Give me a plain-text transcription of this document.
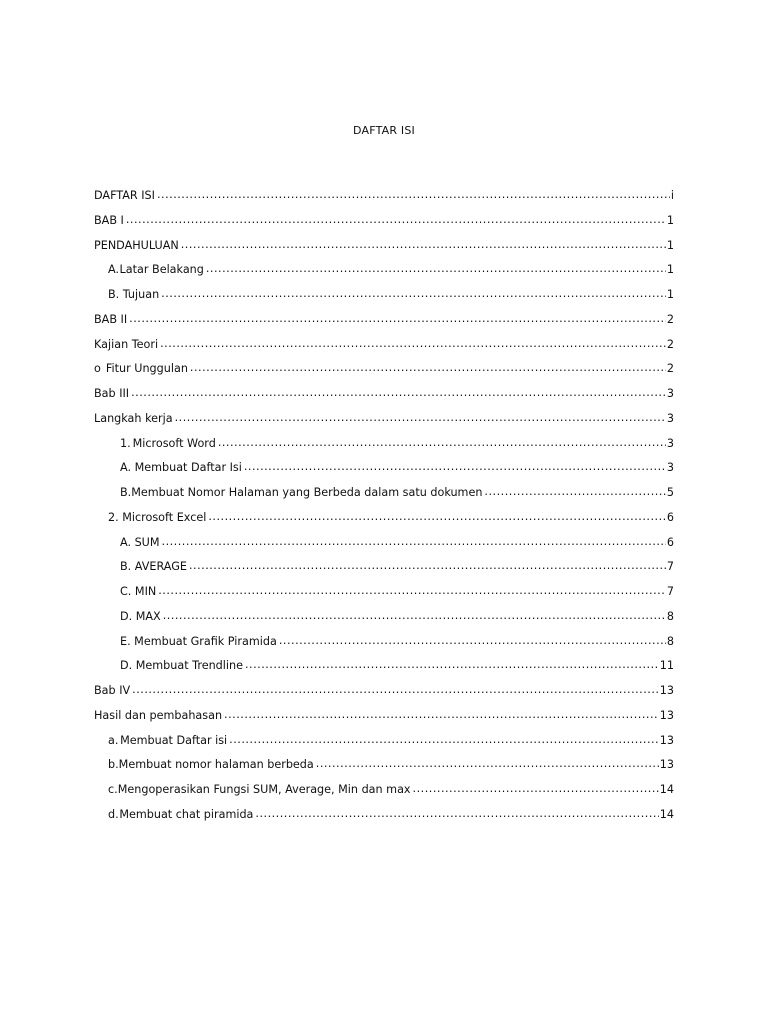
DAFTAR ISI
DAFTAR ISI .....	i
BAB I .....	1
PENDAHULUAN .....	1
A. Latar Belakang .....	1
B. Tujuan .....	1
BAB II .....	2
Kajian Teori .....	2
o Fitur Unggulan .....	2
Bab III .....	3
Langkah kerja .....	3
1. Microsoft Word .....	3
A. Membuat Daftar Isi .....	3
B. Membuat Nomor Halaman yang Berbeda dalam satu dokumen .....	5
2. Microsoft Excel .....	6
A. SUM .....	6
B. AVERAGE .....	7
C. MIN .....	7
D. MAX .....	8
E. Membuat Grafik Piramida .....	8
D. Membuat Trendline .....	11
Bab IV .....	13
Hasil dan pembahasan .....	13
a. Membuat Daftar isi .....	13
b. Membuat nomor halaman berbeda .....	13
c. Mengoperasikan Fungsi SUM, Average, Min dan max .....	14
d. Membuat chat piramida .....	14
